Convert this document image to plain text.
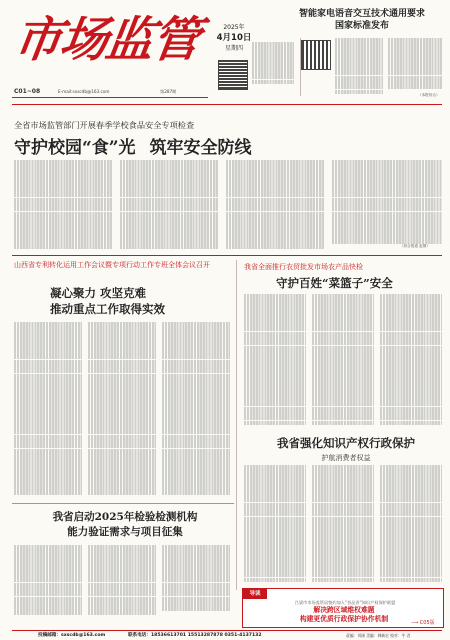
市场监管
C01~08	E-mail:sxscdb@163.com	第287期
2025年
4月10日
星期四
智能家电语音交互技术通用要求
国家标准发布
（本报综合）
全省市场监管部门开展春季学校食品安全专项检查
守护校园“食”光 筑牢安全防线
（综合报道 赵倩）
山西省专利转化运用工作会议暨专项行动工作专班全体会议召开
凝心聚力 攻坚克难
推动重点工作取得实效
我省全面推行农贸批发市场农产品快检
守护百姓“菜篮子”安全
我省强化知识产权行政保护
护航消费者权益
我省启动2025年检验检测机构
能力验证需求与项目征集
导读
吕梁市市场监管局签约加入“晋品晋”知识产权保护联盟
解决跨区域维权难题
构建更优质行政保护协作机制
⟶ C05版
投稿邮箱：sxscdb@163.com	联系电话：18536613701 15513287878 0351-4137132	责编：刘刚 美编：韩新宏 校对：牛 君
